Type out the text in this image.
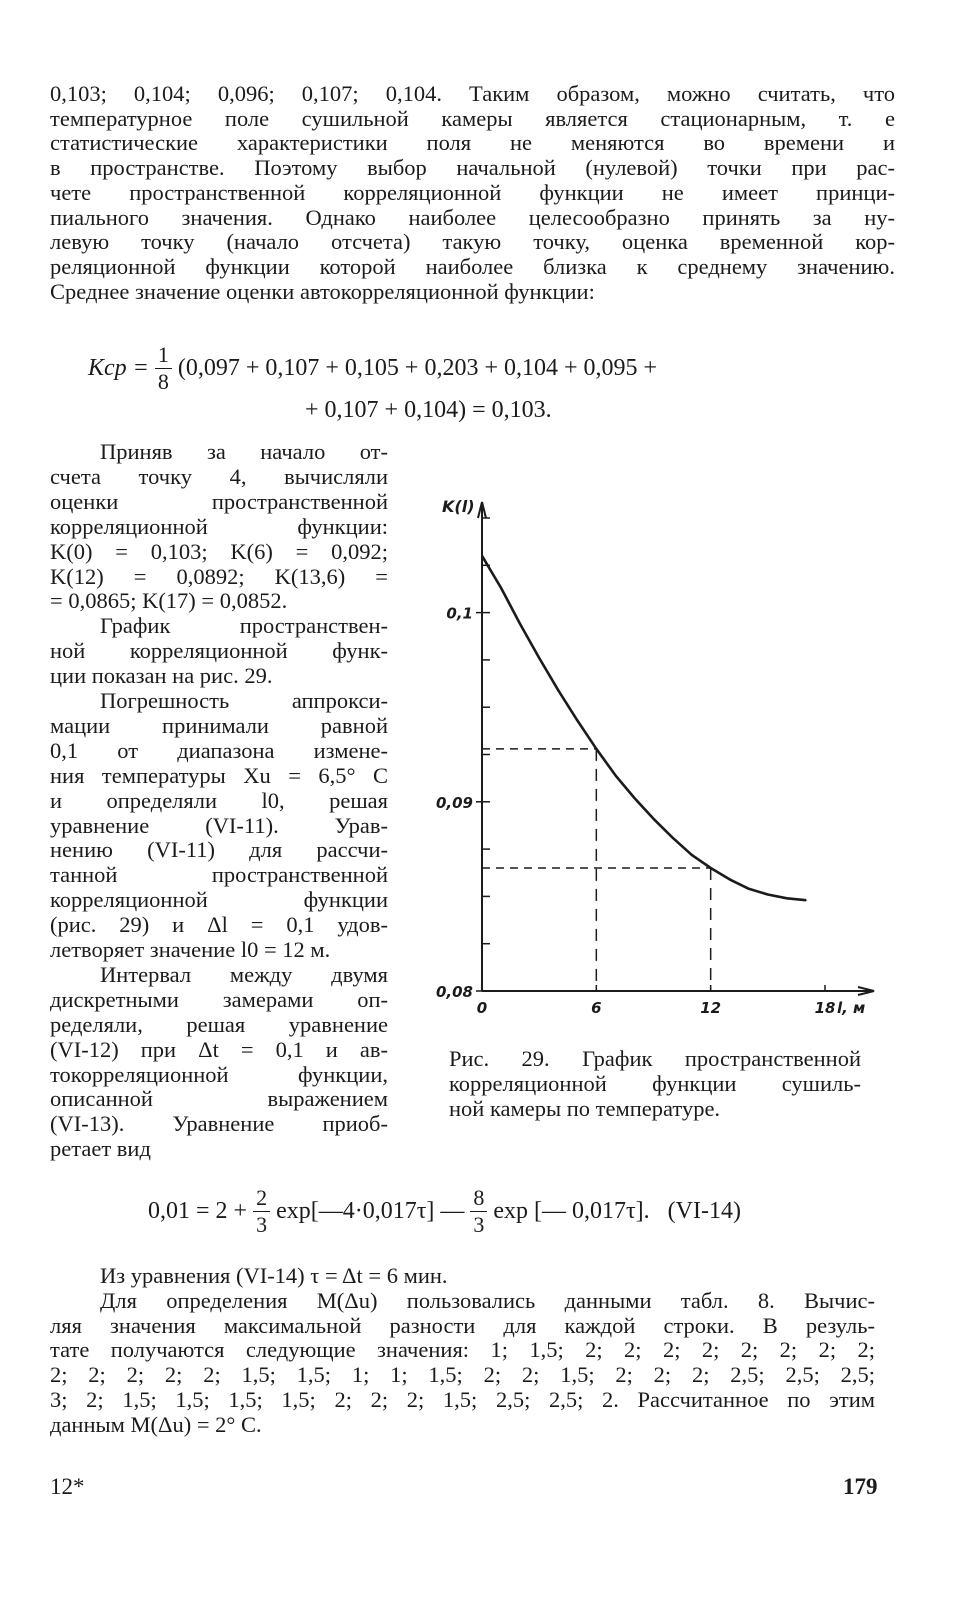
0,103; 0,104; 0,096; 0,107; 0,104. Таким образом, можно считать, что
температурное поле сушильной камеры является стационарным, т. е
статистические характеристики поля не меняются во времени и
в пространстве. Поэтому выбор начальной (нулевой) точки при рас-
чете пространственной корреляционной функции не имеет принци-
пиального значения. Однако наиболее целесообразно принять за ну-
левую точку (начало отсчета) такую точку, оценка временной кор-
реляционной функции которой наиболее близка к среднему значению.
Среднее значение оценки автокорреляционной функции:
Kср = $\frac{1}{8} (0,097 + 0,107 + 0,105 + 0,203 + 0,104 + 0,095$ +
+ 0,107 + 0,104) = 0,103.
Приняв за начало от-
счета точку 4, вычисляли
оценки пространственной
корреляционной функции:
K(0) = 0,103; K(6) = 0,092;
K(12) = 0,0892; K(13,6) =
= 0,0865; K(17) = 0,0852.
График пространствен-
ной корреляционной функ-
ции показан на рис. 29.
Погрешность аппрокси-
мации принимали равной
0,1 от диапазона измене-
ния температуры Xu = 6,5° C
и определяли l0, решая
уравнение (VI-11). Урав-
нению (VI-11) для рассчи-
танной пространственной
корреляционной функции
(рис. 29) и Δl = 0,1 удов-
летворяет значение l0 = 12 м.
Интервал между двумя
дискретными замерами оп-
ределяли, решая уравнение
(VI-12) при Δt = 0,1 и ав-
токорреляционной функции,
описанной выражением
(VI-13). Уравнение приоб-
ретает вид
0,08
0,09
0,1
0	6	12	18
K(l)
l, м
Рис. 29. График пространственной
корреляционной функции сушиль-
ной камеры по температуре.
$0,01 = 2 + \frac{2}{3}$ exp[—4·0,017τ] — $\frac{8}{3}$ exp [— 0,017τ]. (VI-14)
Из уравнения (VI-14) τ = Δt = 6 мин.
Для определения M(Δu) пользовались данными табл. 8. Вычис-
ляя значения максимальной разности для каждой строки. В резуль-
тате получаются следующие значения: 1; 1,5; 2; 2; 2; 2; 2; 2; 2; 2;
2; 2; 2; 2; 2; 1,5; 1,5; 1; 1; 1,5; 2; 2; 1,5; 2; 2; 2; 2,5; 2,5; 2,5;
3; 2; 1,5; 1,5; 1,5; 1,5; 2; 2; 2; 1,5; 2,5; 2,5; 2. Рассчитанное по этим
данным M(Δu) = 2° C.
12*	179
